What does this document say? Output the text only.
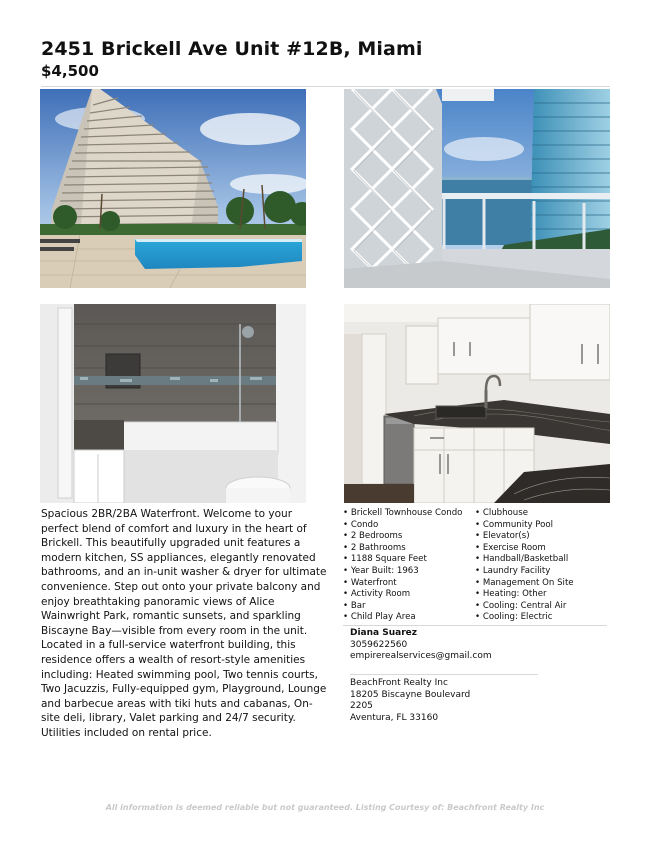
2451 Brickell Ave Unit #12B, Miami
$4,500
Spacious 2BR/2BA Waterfront. Welcome to your perfect blend of comfort and luxury in the heart of Brickell. This beautifully upgraded unit features a modern kitchen, SS appliances, elegantly renovated bathrooms, and an in-unit washer & dryer for ultimate convenience. Step out onto your private balcony and enjoy breathtaking panoramic views of Alice Wainwright Park, romantic sunsets, and sparkling Biscayne Bay—visible from every room in the unit. Located in a full-service waterfront building, this residence offers a wealth of resort-style amenities including: Heated swimming pool, Two tennis courts, Two Jacuzzis, Fully-equipped gym, Playground, Lounge and barbecue areas with tiki huts and cabanas, On-site deli, library, Valet parking and 24/7 security. Utilities included on rental price.
• Brickell Townhouse Condo
• Condo
• 2 Bedrooms
• 2 Bathrooms
• 1188 Square Feet
• Year Built: 1963
• Waterfront
• Activity Room
• Bar
• Child Play Area
• Clubhouse
• Community Pool
• Elevator(s)
• Exercise Room
• Handball/Basketball
• Laundry Facility
• Management On Site
• Heating: Other
• Cooling: Central Air
• Cooling: Electric
Diana Suarez
3059622560
empirerealservices@gmail.com
BeachFront Realty Inc
18205 Biscayne Boulevard
2205
Aventura, FL 33160
All information is deemed reliable but not guaranteed. Listing Courtesy of: Beachfront Realty Inc
